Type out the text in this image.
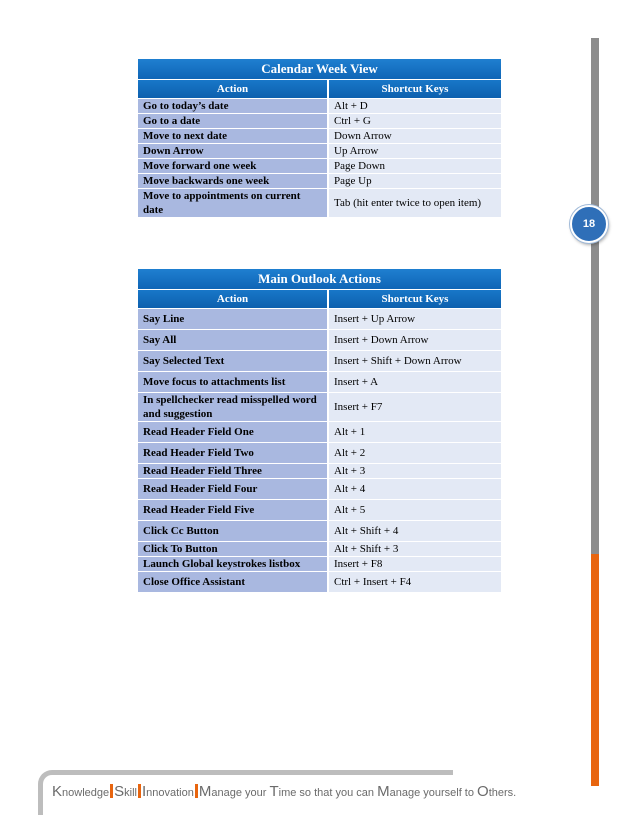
18
Calendar Week View	
Action	Shortcut Keys
Go to today’s date	Alt + D
Go to a date	Ctrl + G
Move to next date	Down Arrow
Down Arrow	Up Arrow
Move forward one week	Page Down
Move backwards one week	Page Up
Move to appointments on current date	Tab (hit enter twice to open item)
Main Outlook Actions	
Action	Shortcut Keys
Say Line	Insert + Up Arrow
Say All	Insert + Down Arrow
Say Selected Text	Insert + Shift + Down Arrow
Move focus to attachments list	Insert + A
In spellchecker read misspelled word and suggestion	Insert + F7
Read Header Field One	Alt + 1
Read Header Field Two	Alt + 2
Read Header Field Three	Alt + 3
Read Header Field Four	Alt + 4
Read Header Field Five	Alt + 5
Click Cc Button	Alt + Shift + 4
Click To Button	Alt + Shift + 3
Launch Global keystrokes listbox	Insert + F8
Close Office Assistant	Ctrl + Insert + F4
Knowledge Skill Innovation Manage your Time so that you can Manage yourself to Others.
